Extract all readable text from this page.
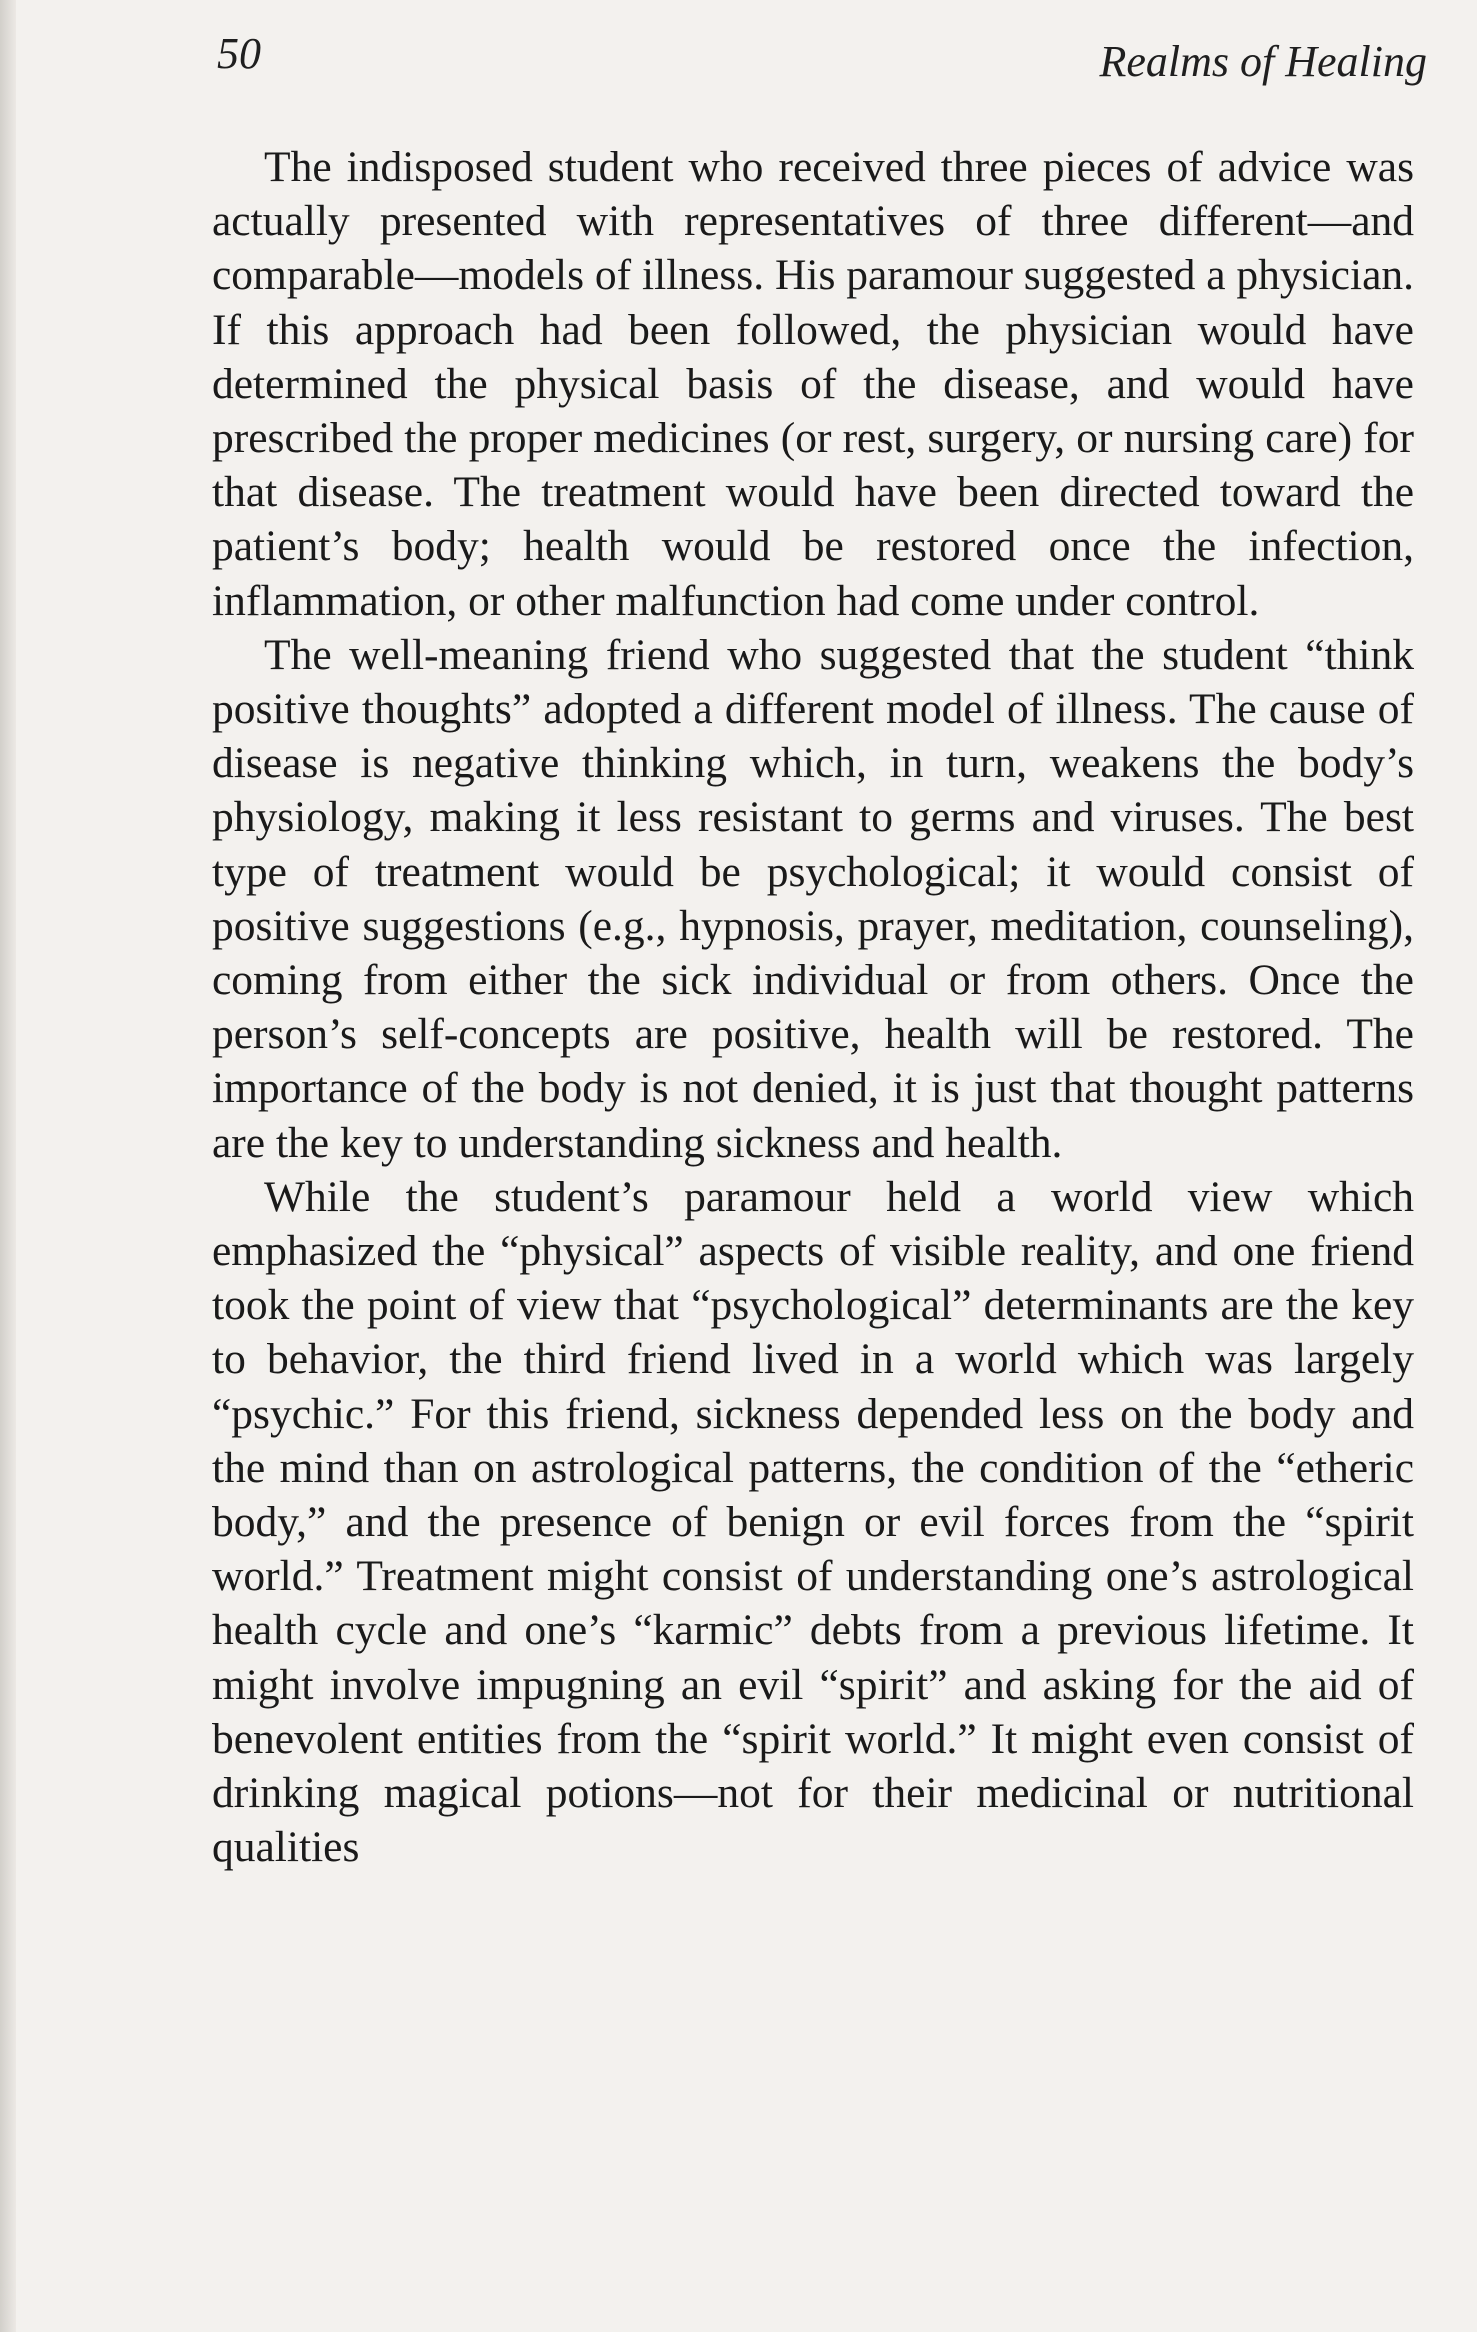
50	Realms of Healing

The indisposed student who received three pieces of advice was actually presented with representatives of three different—and comparable—models of illness. His paramour suggested a physician. If this approach had been followed, the physician would have determined the physical basis of the disease, and would have prescribed the proper medicines (or rest, surgery, or nursing care) for that disease. The treatment would have been directed toward the patient’s body; health would be restored once the infection, inflammation, or other malfunction had come under control.

The well-meaning friend who suggested that the student “think positive thoughts” adopted a different model of illness. The cause of disease is negative thinking which, in turn, weakens the body’s physiology, making it less resistant to germs and viruses. The best type of treatment would be psychological; it would consist of positive suggestions (e.g., hypnosis, prayer, meditation, counseling), coming from either the sick individual or from others. Once the person’s self-concepts are positive, health will be restored. The importance of the body is not denied, it is just that thought patterns are the key to understanding sickness and health.

While the student’s paramour held a world view which emphasized the “physical” aspects of visible reality, and one friend took the point of view that “psychological” determinants are the key to behavior, the third friend lived in a world which was largely “psychic.” For this friend, sickness depended less on the body and the mind than on astrological patterns, the condition of the “etheric body,” and the presence of benign or evil forces from the “spirit world.” Treatment might consist of understanding one’s astrological health cycle and one’s “karmic” debts from a previous lifetime. It might involve impugning an evil “spirit” and asking for the aid of benevolent entities from the “spirit world.” It might even consist of drinking magical potions—not for their medicinal or nutritional qualities
